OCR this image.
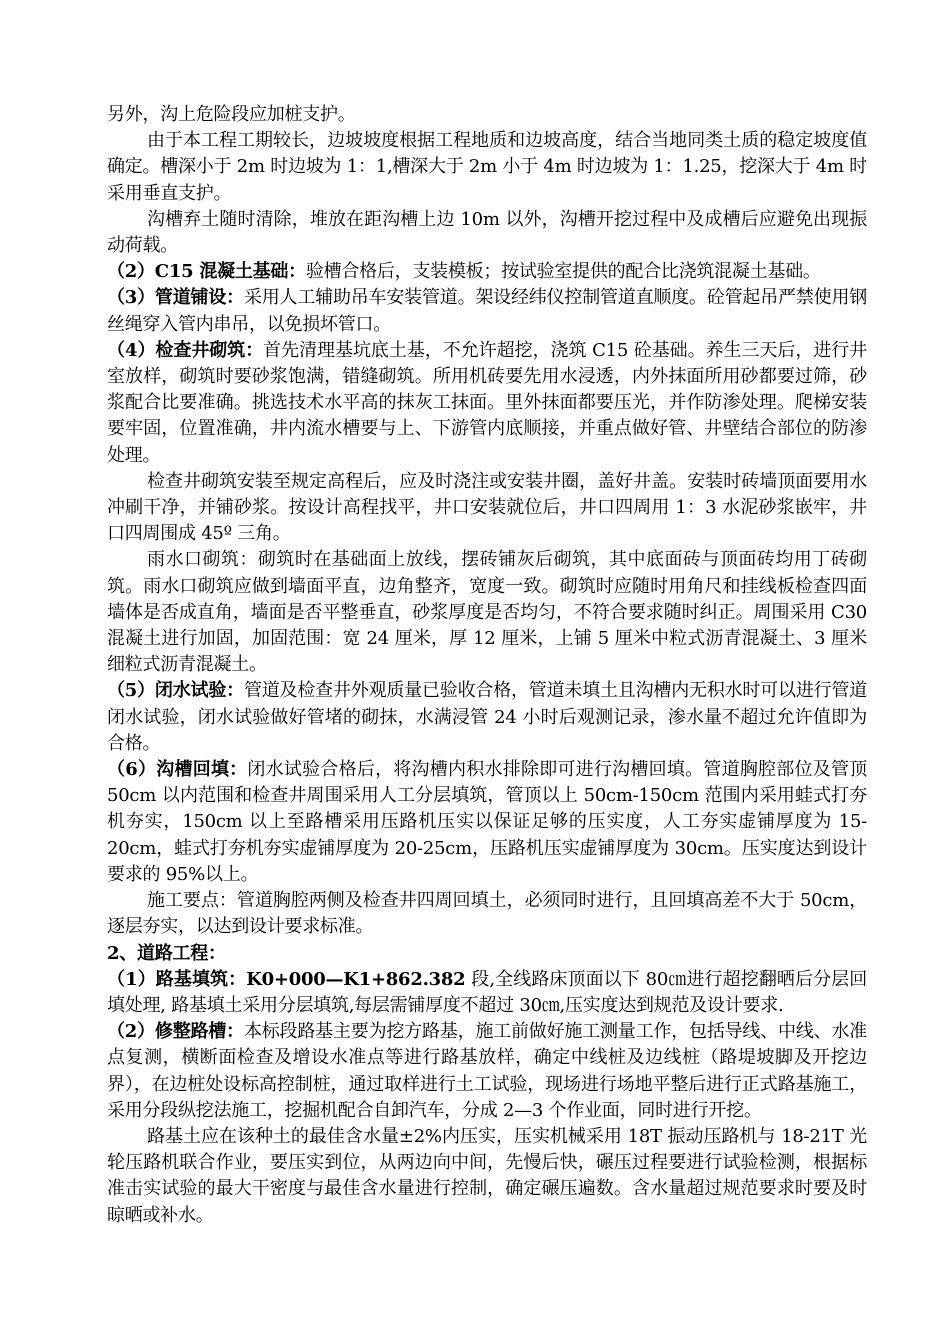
另外，沟上危险段应加桩支护。

由于本工程工期较长，边坡坡度根据工程地质和边坡高度，结合当地同类土质的稳定坡度值确定。槽深小于 2m 时边坡为 1：1,槽深大于 2m 小于 4m 时边坡为 1：1.25，挖深大于 4m 时采用垂直支护。

沟槽弃土随时清除，堆放在距沟槽上边 10m 以外，沟槽开挖过程中及成槽后应避免出现振动荷载。

（2）C15 混凝土基础：验槽合格后，支装模板；按试验室提供的配合比浇筑混凝土基础。

（3）管道铺设：采用人工辅助吊车安装管道。架设经纬仪控制管道直顺度。砼管起吊严禁使用钢丝绳穿入管内串吊，以免损坏管口。

（4）检查井砌筑：首先清理基坑底土基，不允许超挖，浇筑 C15 砼基础。养生三天后，进行井室放样，砌筑时要砂浆饱满，错缝砌筑。所用机砖要先用水浸透，内外抹面所用砂都要过筛，砂浆配合比要准确。挑选技术水平高的抹灰工抹面。里外抹面都要压光，并作防渗处理。爬梯安装要牢固，位置准确，井内流水槽要与上、下游管内底顺接，并重点做好管、井壁结合部位的防渗处理。

检查井砌筑安装至规定高程后，应及时浇注或安装井圈，盖好井盖。安装时砖墙顶面要用水冲刷干净，并铺砂浆。按设计高程找平，井口安装就位后，井口四周用 1：3 水泥砂浆嵌牢，井口四周围成 45º 三角。

雨水口砌筑：砌筑时在基础面上放线，摆砖铺灰后砌筑，其中底面砖与顶面砖均用丁砖砌筑。雨水口砌筑应做到墙面平直，边角整齐，宽度一致。砌筑时应随时用角尺和挂线板检查四面墙体是否成直角，墙面是否平整垂直，砂浆厚度是否均匀，不符合要求随时纠正。周围采用 C30 混凝土进行加固，加固范围：宽 24 厘米，厚 12 厘米，上铺 5 厘米中粒式沥青混凝土、3 厘米细粒式沥青混凝土。

（5）闭水试验：管道及检查井外观质量已验收合格，管道未填土且沟槽内无积水时可以进行管道闭水试验，闭水试验做好管堵的砌抹，水满浸管 24 小时后观测记录，渗水量不超过允许值即为合格。

（6）沟槽回填：闭水试验合格后，将沟槽内积水排除即可进行沟槽回填。管道胸腔部位及管顶 50cm 以内范围和检查井周围采用人工分层填筑，管顶以上 50cm-150cm 范围内采用蛙式打夯机夯实，150cm 以上至路槽采用压路机压实以保证足够的压实度，人工夯实虚铺厚度为 15-20cm，蛙式打夯机夯实虚铺厚度为 20-25cm，压路机压实虚铺厚度为 30cm。压实度达到设计要求的 95%以上。

施工要点：管道胸腔两侧及检查井四周回填土，必须同时进行，且回填高差不大于 50cm，逐层夯实，以达到设计要求标准。

2、道路工程：

（1）路基填筑：K0+000—K1+862.382 段,全线路床顶面以下 80㎝进行超挖翻晒后分层回填处理, 路基填土采用分层填筑,每层需铺厚度不超过 30㎝,压实度达到规范及设计要求.

（2）修整路槽：本标段路基主要为挖方路基，施工前做好施工测量工作，包括导线、中线、水准点复测，横断面检查及增设水准点等进行路基放样，确定中线桩及边线桩（路堤坡脚及开挖边界），在边桩处设标高控制桩，通过取样进行土工试验，现场进行场地平整后进行正式路基施工，采用分段纵挖法施工，挖掘机配合自卸汽车，分成 2—3 个作业面，同时进行开挖。

路基土应在该种土的最佳含水量±2%内压实，压实机械采用 18T 振动压路机与 18-21T 光轮压路机联合作业，要压实到位，从两边向中间，先慢后快，碾压过程要进行试验检测，根据标准击实试验的最大干密度与最佳含水量进行控制，确定碾压遍数。含水量超过规范要求时要及时晾晒或补水。
